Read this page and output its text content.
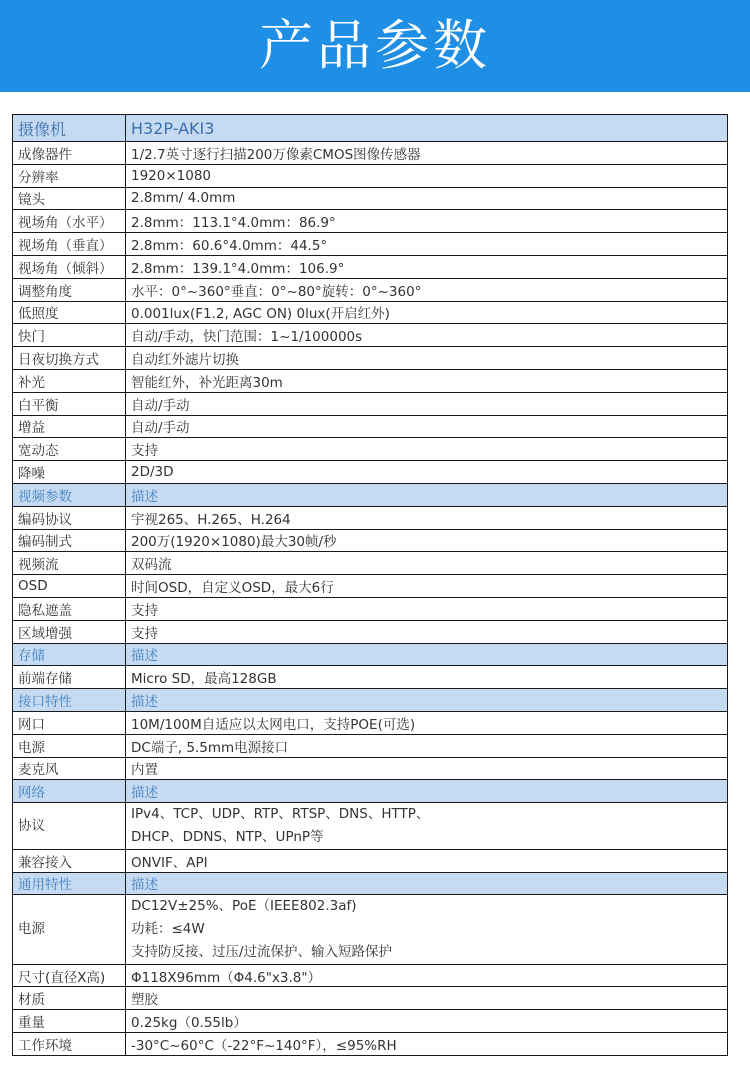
产品参数
摄像机	H32P-AKI3
成像器件	1/2.7英寸逐行扫描200万像素CMOS图像传感器
分辨率	1920×1080
镜头	2.8mm/ 4.0mm
视场角（水平）	2.8mm：113.1°4.0mm：86.9°
视场角（垂直）	2.8mm：60.6°4.0mm：44.5°
视场角（倾斜）	2.8mm：139.1°4.0mm：106.9°
调整角度	水平：0°~360°垂直：0°~80°旋转：0°~360°
低照度	0.001lux(F1.2, AGC ON) 0lux(开启红外)
快门	自动/手动，快门范围：1~1/100000s
日夜切换方式	自动红外滤片切换
补光	智能红外，补光距离30m
白平衡	自动/手动
增益	自动/手动
宽动态	支持
降噪	2D/3D
视频参数	描述
编码协议	宇视265、H.265、H.264
编码制式	200万(1920×1080)最大30帧/秒
视频流	双码流
OSD	时间OSD，自定义OSD，最大6行
隐私遮盖	支持
区域增强	支持
存储	描述
前端存储	Micro SD，最高128GB
接口特性	描述
网口	10M/100M自适应以太网电口，支持POE(可选)
电源	DC端子, 5.5mm电源接口
麦克风	内置
网络	描述

协议	IPv4、TCP、UDP、RTP、RTSP、DNS、HTTP、
DHCP、DDNS、NTP、UPnP等

兼容接入	ONVIF、API
通用特性	描述

电源	DC12V±25%、PoE（IEEE802.3af)
功耗：≤4W
支持防反接、过压/过流保护、输入短路保护

尺寸(直径X高)	Φ118X96mm（Φ4.6"x3.8"）
材质	塑胶
重量	0.25kg（0.55lb）
工作环境	-30°C~60°C（-22°F~140°F），≤95%RH
